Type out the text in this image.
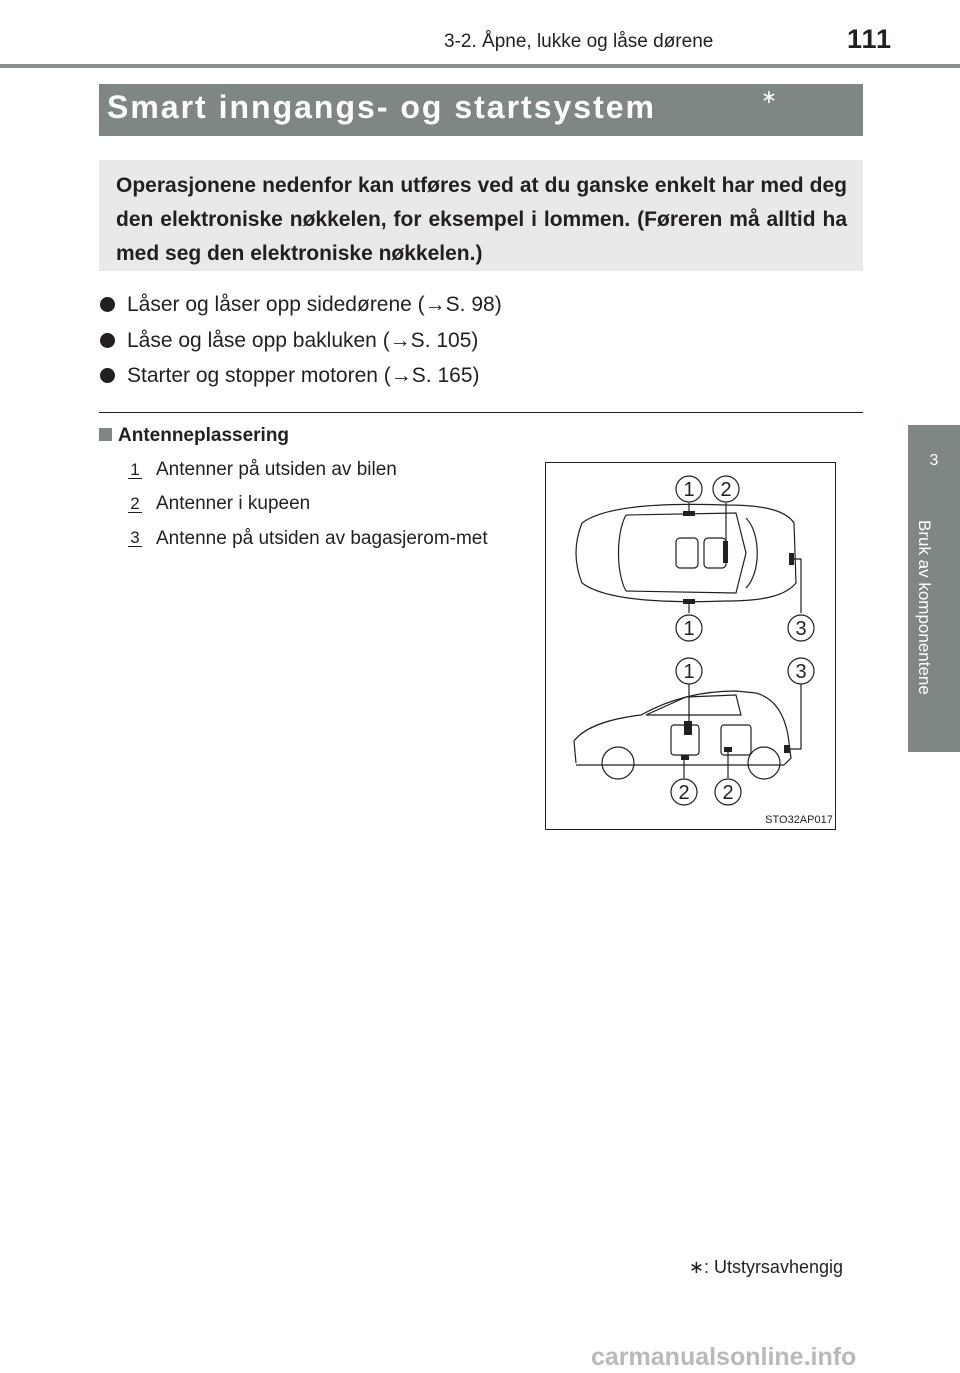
3-2. Åpne, lukke og låse dørene	111
3
Bruk av komponentene
Smart inngangs- og startsystem	∗
Operasjonene nedenfor kan utføres ved at du ganske enkelt har med deg den elektroniske nøkkelen, for eksempel i lommen. (Føreren må alltid ha med seg den elektroniske nøkkelen.)
Låser og låser opp sidedørene (→S. 98)
Låse og låse opp bakluken (→S. 105)
Starter og stopper motoren (→S. 165)
Antenneplassering
1 Antenner på utsiden av bilen
2 Antenner i kupeen
3 Antenne på utsiden av bagasjerom-met
1 2
1	3
1	3
2 2
STO32AP017
∗: Utstyrsavhengig
carmanualsonline.info
